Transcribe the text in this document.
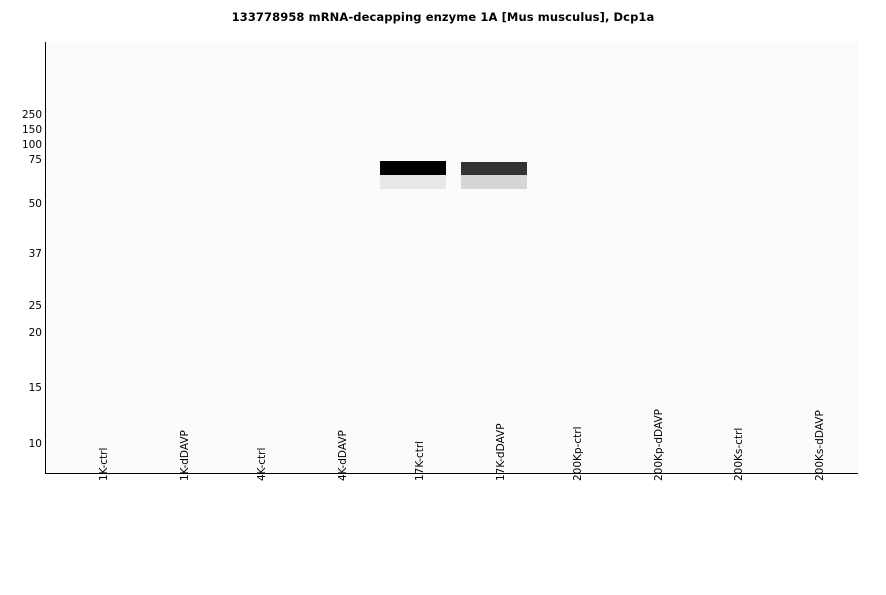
133778958 mRNA-decapping enzyme 1A [Mus musculus], Dcp1a
250
150
100
75
50
37
25
20
15
10
1K-ctrl	1K-dDAVP	4K-ctrl	4K-dDAVP	17K-ctrl	17K-dDAVP	200Kp-ctrl	200Kp-dDAVP	200Ks-ctrl	200Ks-dDAVP
